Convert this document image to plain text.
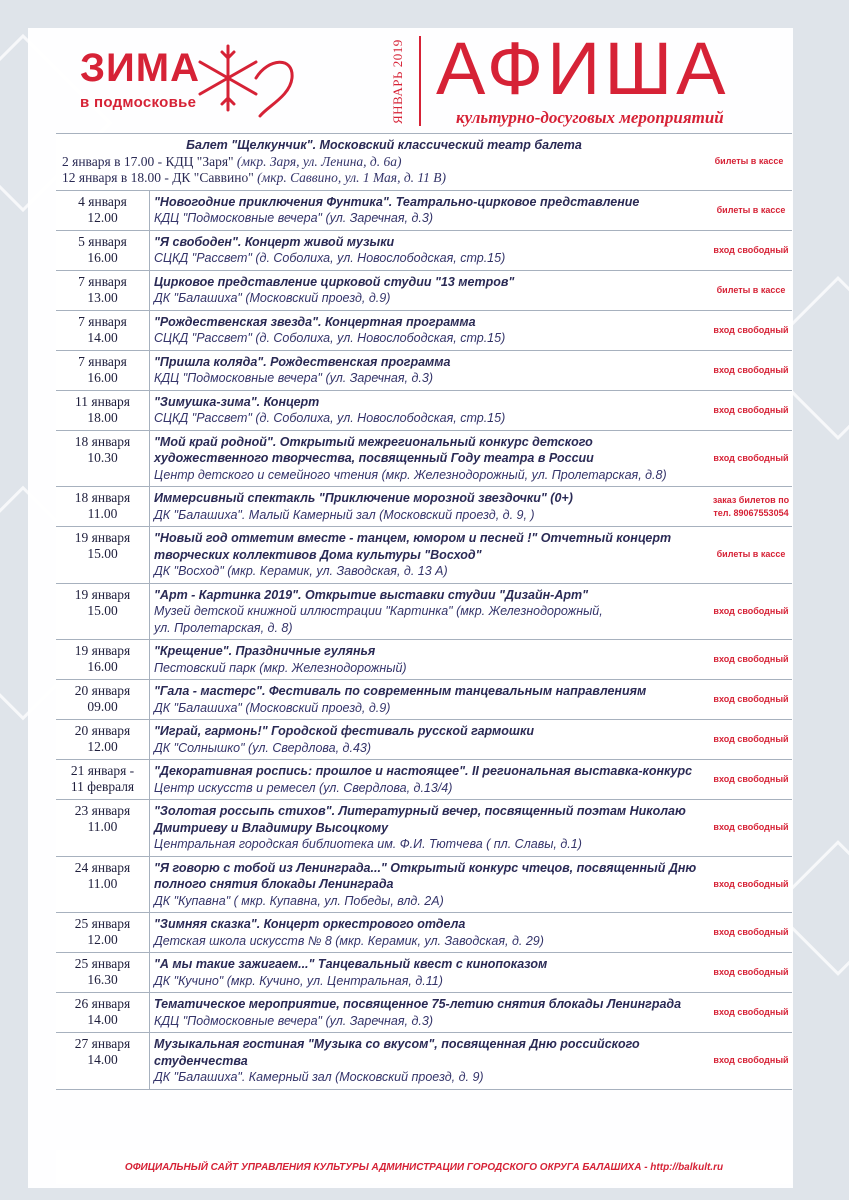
ЗИМА
в подмосковье	ЯНВАРЬ 2019 АФИША
культурно-досуговых мероприятий
Балет "Щелкунчик". Московский классический театр балета
2 января в 17.00 - КДЦ "Заря" (мкр. Заря, ул. Ленина, д. 6а)
12 января в 18.00 - ДК "Саввино" (мкр. Саввино, ул. 1 Мая, д. 11 В)
билеты в кассе
4 января
12.00
"Новогодние приключения Фунтика". Театрально-цирковое представление
КДЦ "Подмосковные вечера" (ул. Заречная, д.3)
билеты в кассе
5 января
16.00
"Я свободен". Концерт живой музыки
СЦКД "Рассвет" (д. Соболиха, ул. Новослободская, стр.15)
вход свободный
7 января
13.00
Цирковое представление цирковой студии "13 метров"
ДК "Балашиха" (Московский проезд, д.9)
билеты в кассе
7 января
14.00
"Рождественская звезда". Концертная программа
СЦКД "Рассвет" (д. Соболиха, ул. Новослободская, стр.15)
вход свободный
7 января
16.00
"Пришла коляда". Рождественская программа
КДЦ "Подмосковные вечера" (ул. Заречная, д.3)
вход свободный
11 января
18.00
"Зимушка-зима". Концерт
СЦКД "Рассвет" (д. Соболиха, ул. Новослободская, стр.15)
вход свободный
18 января
10.30
"Мой край родной". Открытый межрегиональный конкурс детского художественного творчества, посвященный Году театра в России
Центр детского и семейного чтения (мкр. Железнодорожный, ул. Пролетарская, д.8)
вход свободный
18 января
11.00
Иммерсивный спектакль "Приключение морозной звездочки" (0+)
ДК "Балашиха". Малый Камерный зал (Московский проезд, д. 9, )
заказ билетов по тел. 89067553054
19 января
15.00
"Новый год отметим вместе - танцем, юмором и песней !" Отчетный концерт творческих коллективов Дома культуры "Восход"
ДК "Восход" (мкр. Керамик, ул. Заводская, д. 13 А)
билеты в кассе
19 января
15.00
"Арт - Картинка 2019". Открытие выставки студии "Дизайн-Арт"
Музей детской книжной иллюстрации "Картинка" (мкр. Железнодорожный,
ул. Пролетарская, д. 8)
вход свободный
19 января
16.00
"Крещение". Праздничные гулянья
Пестовский парк (мкр. Железнодорожный)
вход свободный
20 января
09.00
"Гала - мастерс". Фестиваль по современным танцевальным направлениям
ДК "Балашиха" (Московский проезд, д.9)
вход свободный
20 января
12.00
"Играй, гармонь!" Городской фестиваль русской гармошки
ДК "Солнышко" (ул. Свердлова, д.43)
вход свободный
21 января -
11 февраля
"Декоративная роспись: прошлое и настоящее". II региональная выставка-конкурс
Центр искусств и ремесел (ул. Свердлова, д.13/4)
вход свободный
23 января
11.00
"Золотая россыпь стихов". Литературный вечер, посвященный поэтам Николаю Дмитриеву и Владимиру Высоцкому
Центральная городская библиотека им. Ф.И. Тютчева ( пл. Славы, д.1)
вход свободный
24 января
11.00
"Я говорю с тобой из Ленинграда..." Открытый конкурс чтецов, посвященный Дню полного снятия блокады Ленинграда
ДК "Купавна" ( мкр. Купавна, ул. Победы, влд. 2А)
вход свободный
25 января
12.00
"Зимняя сказка". Концерт оркестрового отдела
Детская школа искусств № 8 (мкр. Керамик, ул. Заводская, д. 29)
вход свободный
25 января
16.30
"А мы такие зажигаем..." Танцевальный квест с кинопоказом
ДК "Кучино" (мкр. Кучино, ул. Центральная, д.11)
вход свободный
26 января
14.00
Тематическое мероприятие, посвященное 75-летию снятия блокады Ленинграда
КДЦ "Подмосковные вечера" (ул. Заречная, д.3)
вход свободный
27 января
14.00
Музыкальная гостиная "Музыка со вкусом", посвященная Дню российского студенчества
ДК "Балашиха". Камерный зал (Московский проезд, д. 9)
вход свободный
ОФИЦИАЛЬНЫЙ САЙТ УПРАВЛЕНИЯ КУЛЬТУРЫ АДМИНИСТРАЦИИ ГОРОДСКОГО ОКРУГА БАЛАШИХА - http://balkult.ru
